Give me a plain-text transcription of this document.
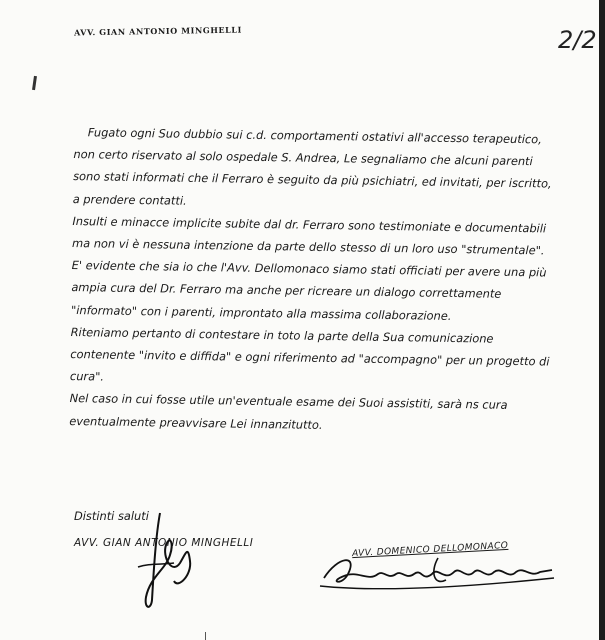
AVV. GIAN ANTONIO MINGHELLI	2/2

Fugato ogni Suo dubbio sui c.d. comportamenti ostativi all'accesso terapeutico, non certo riservato al solo ospedale S. Andrea, Le segnaliamo che alcuni parenti sono stati informati che il Ferraro è seguito da più psichiatri, ed invitati, per iscritto, a prendere contatti.

Insulti e minacce implicite subite dal dr. Ferraro sono testimoniate e documentabili ma non vi è nessuna intenzione da parte dello stesso di un loro uso "strumentale".

E' evidente che sia io che l'Avv. Dellomonaco siamo stati officiati per avere una più ampia cura del Dr. Ferraro ma anche per ricreare un dialogo correttamente "informato" con i parenti, improntato alla massima collaborazione.

Riteniamo pertanto di contestare in toto la parte della Sua comunicazione contenente "invito e diffida" e ogni riferimento ad "accompagno" per un progetto di cura".

Nel caso in cui fosse utile un'eventuale esame dei Suoi assistiti, sarà ns cura eventualmente preavvisare Lei innanzitutto.

Distinti saluti
AVV. GIAN ANTONIO MINGHELLI	AVV. DOMENICO DELLOMONACO
